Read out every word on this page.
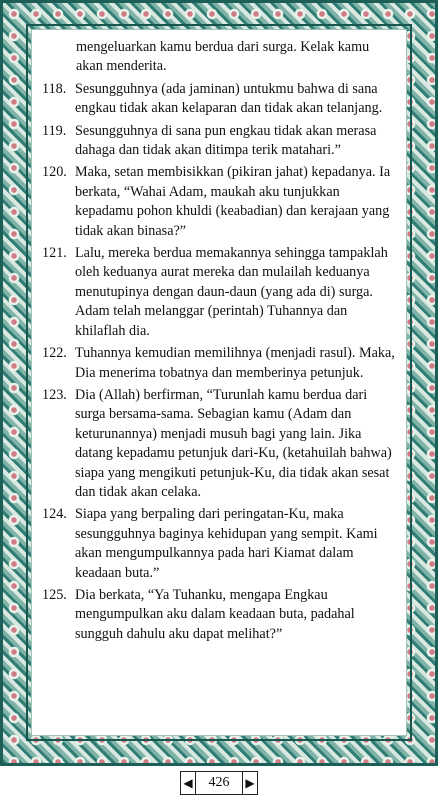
mengeluarkan kamu berdua dari surga. Kelak kamu akan menderita.

118. Sesungguhnya (ada jaminan) untukmu bahwa di sana engkau tidak akan kelaparan dan tidak akan telanjang.
119. Sesungguhnya di sana pun engkau tidak akan merasa dahaga dan tidak akan ditimpa terik matahari.”
120. Maka, setan membisikkan (pikiran jahat) kepadanya. Ia berkata, “Wahai Adam, maukah aku tunjukkan kepadamu pohon khuldi (keabadian) dan kerajaan yang tidak akan binasa?”
121. Lalu, mereka berdua memakannya sehingga tampaklah oleh keduanya aurat mereka dan mulailah keduanya menutupinya dengan daun-daun (yang ada di) surga. Adam telah melanggar (perintah) Tuhannya dan khilaflah dia.
122. Tuhannya kemudian memilihnya (menjadi rasul). Maka, Dia menerima tobatnya dan memberinya petunjuk.
123. Dia (Allah) berfirman, “Turunlah kamu berdua dari surga bersama-sama. Sebagian kamu (Adam dan keturunannya) menjadi musuh bagi yang lain. Jika datang kepadamu petunjuk dari-Ku, (ketahuilah bahwa) siapa yang mengikuti petunjuk-Ku, dia tidak akan sesat dan tidak akan celaka.
124. Siapa yang berpaling dari peringatan-Ku, maka sesungguhnya baginya kehidupan yang sempit. Kami akan mengumpulkannya pada hari Kiamat dalam keadaan buta.”
125. Dia berkata, “Ya Tuhanku, mengapa Engkau mengumpulkan aku dalam keadaan buta, padahal sungguh dahulu aku dapat melihat?”
◀	426	▶
